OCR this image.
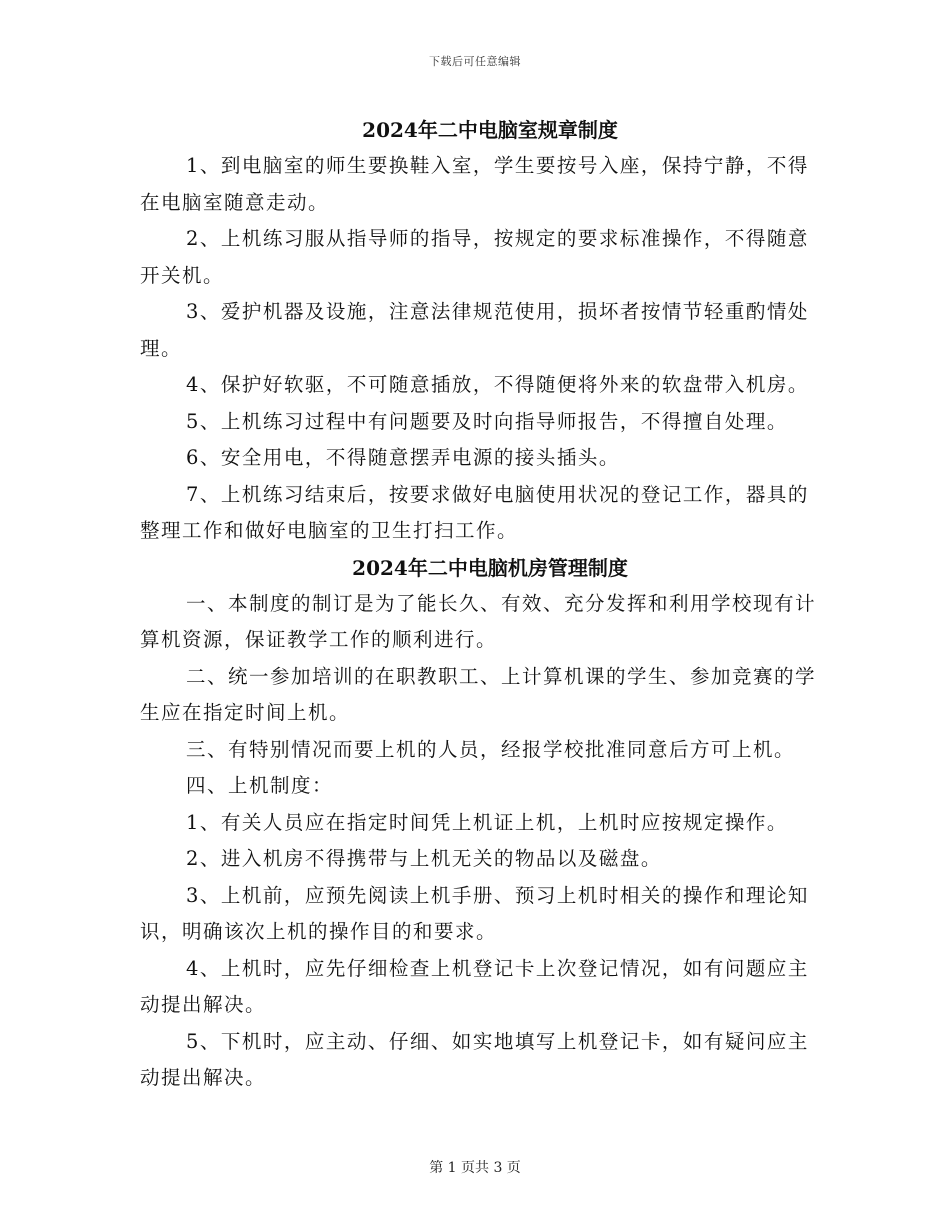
下载后可任意编辑
2024年二中电脑室规章制度

1、到电脑室的师生要换鞋入室，学生要按号入座，保持宁静，不得在电脑室随意走动。

2、上机练习服从指导师的指导，按规定的要求标准操作，不得随意开关机。

3、爱护机器及设施，注意法律规范使用，损坏者按情节轻重酌情处理。

4、保护好软驱，不可随意插放，不得随便将外来的软盘带入机房。

5、上机练习过程中有问题要及时向指导师报告，不得擅自处理。

6、安全用电，不得随意摆弄电源的接头插头。

7、上机练习结束后，按要求做好电脑使用状况的登记工作，器具的整理工作和做好电脑室的卫生打扫工作。

2024年二中电脑机房管理制度

一、本制度的制订是为了能长久、有效、充分发挥和利用学校现有计算机资源，保证教学工作的顺利进行。

二、统一参加培训的在职教职工、上计算机课的学生、参加竞赛的学生应在指定时间上机。

三、有特别情况而要上机的人员，经报学校批准同意后方可上机。

四、上机制度：

1、有关人员应在指定时间凭上机证上机，上机时应按规定操作。

2、进入机房不得携带与上机无关的物品以及磁盘。

3、上机前，应预先阅读上机手册、预习上机时相关的操作和理论知识，明确该次上机的操作目的和要求。

4、上机时，应先仔细检查上机登记卡上次登记情况，如有问题应主动提出解决。

5、下机时，应主动、仔细、如实地填写上机登记卡，如有疑问应主动提出解决。

第 1 页共 3 页
